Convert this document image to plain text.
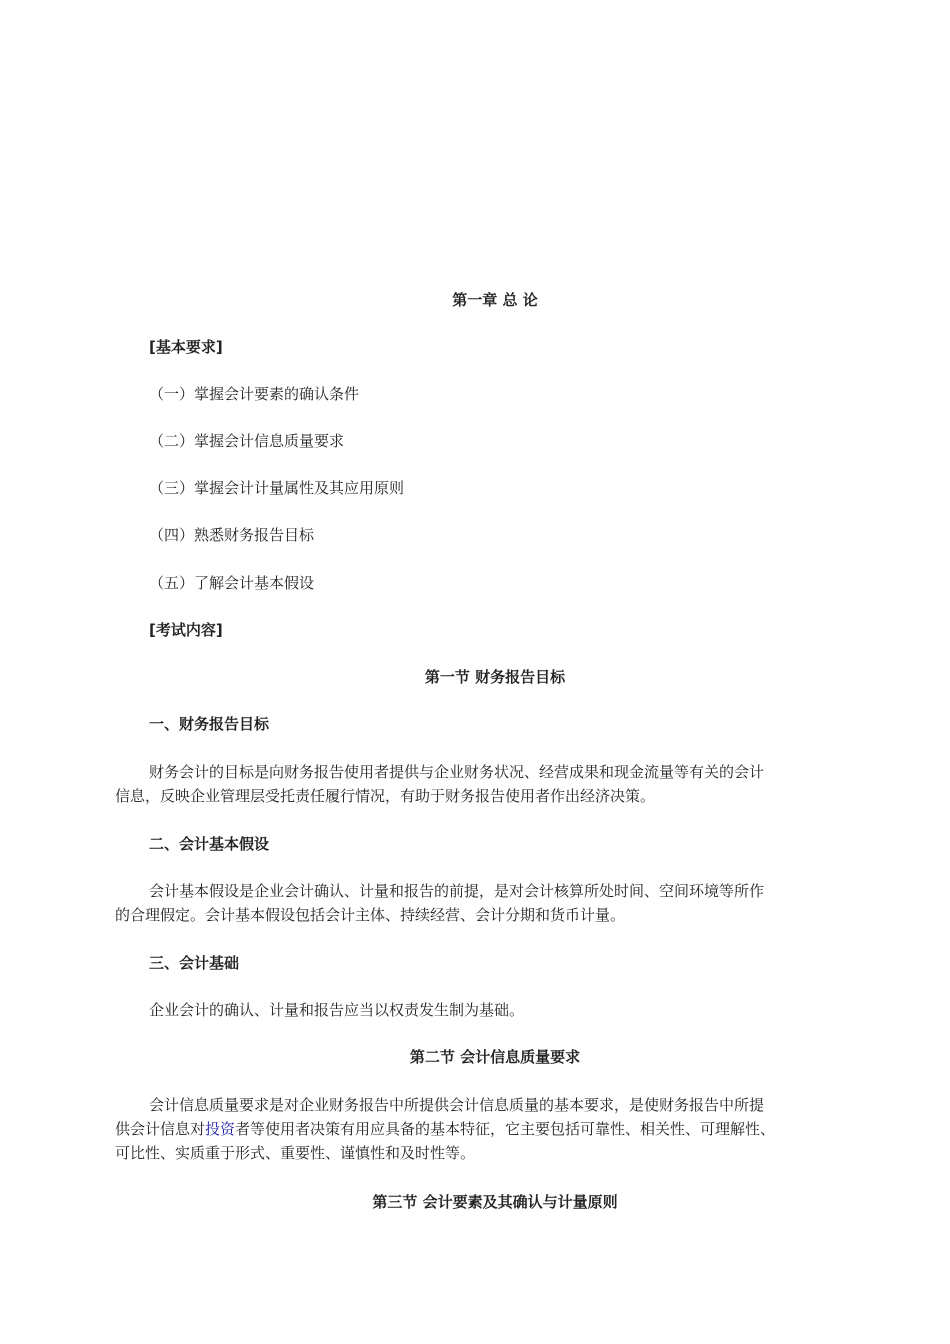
第一章 总 论
[基本要求]
（一）掌握会计要素的确认条件
（二）掌握会计信息质量要求
（三）掌握会计计量属性及其应用原则
（四）熟悉财务报告目标
（五）了解会计基本假设
[考试内容]
第一节 财务报告目标
一、财务报告目标
财务会计的目标是向财务报告使用者提供与企业财务状况、经营成果和现金流量等有关的会计
信息，反映企业管理层受托责任履行情况，有助于财务报告使用者作出经济决策。
二、会计基本假设
会计基本假设是企业会计确认、计量和报告的前提，是对会计核算所处时间、空间环境等所作
的合理假定。会计基本假设包括会计主体、持续经营、会计分期和货币计量。
三、会计基础
企业会计的确认、计量和报告应当以权责发生制为基础。
第二节 会计信息质量要求
会计信息质量要求是对企业财务报告中所提供会计信息质量的基本要求，是使财务报告中所提
供会计信息对投资者等使用者决策有用应具备的基本特征，它主要包括可靠性、相关性、可理解性、
可比性、实质重于形式、重要性、谨慎性和及时性等。
第三节 会计要素及其确认与计量原则
